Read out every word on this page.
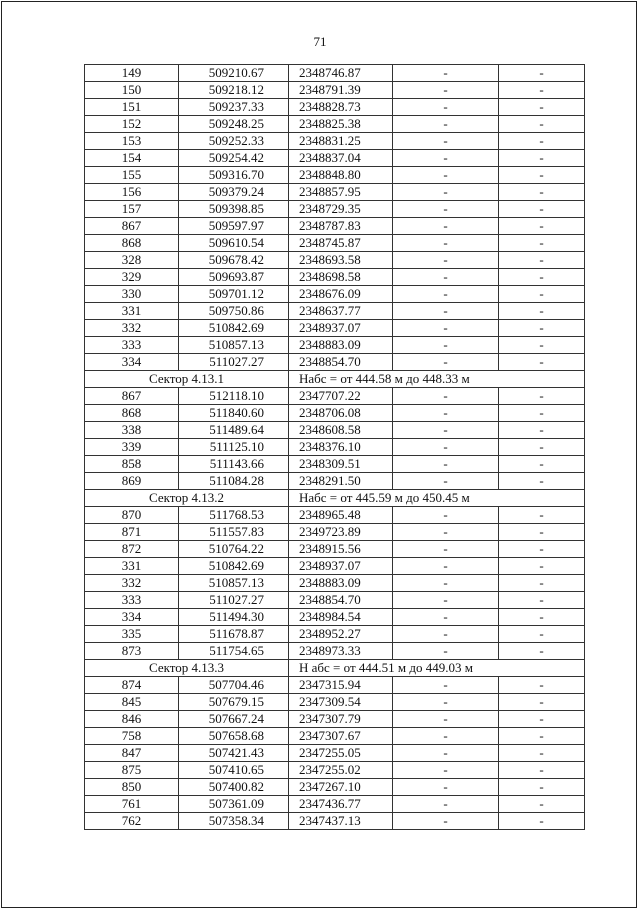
71
149	509210.67	2348746.87	-	-
150	509218.12	2348791.39	-	-
151	509237.33	2348828.73	-	-
152	509248.25	2348825.38	-	-
153	509252.33	2348831.25	-	-
154	509254.42	2348837.04	-	-
155	509316.70	2348848.80	-	-
156	509379.24	2348857.95	-	-
157	509398.85	2348729.35	-	-
867	509597.97	2348787.83	-	-
868	509610.54	2348745.87	-	-
328	509678.42	2348693.58	-	-
329	509693.87	2348698.58	-	-
330	509701.12	2348676.09	-	-
331	509750.86	2348637.77	-	-
332	510842.69	2348937.07	-	-
333	510857.13	2348883.09	-	-
334	511027.27	2348854.70	-	-
Сектор 4.13.1		Набс = от 444.58 м до 448.33 м		
867	512118.10	2347707.22	-	-
868	511840.60	2348706.08	-	-
338	511489.64	2348608.58	-	-
339	511125.10	2348376.10	-	-
858	511143.66	2348309.51	-	-
869	511084.28	2348291.50	-	-
Сектор 4.13.2		Набс = от 445.59 м до 450.45 м		
870	511768.53	2348965.48	-	-
871	511557.83	2349723.89	-	-
872	510764.22	2348915.56	-	-
331	510842.69	2348937.07	-	-
332	510857.13	2348883.09	-	-
333	511027.27	2348854.70	-	-
334	511494.30	2348984.54	-	-
335	511678.87	2348952.27	-	-
873	511754.65	2348973.33	-	-
Сектор 4.13.3		Н абс = от 444.51 м до 449.03 м		
874	507704.46	2347315.94	-	-
845	507679.15	2347309.54	-	-
846	507667.24	2347307.79	-	-
758	507658.68	2347307.67	-	-
847	507421.43	2347255.05	-	-
875	507410.65	2347255.02	-	-
850	507400.82	2347267.10	-	-
761	507361.09	2347436.77	-	-
762	507358.34	2347437.13	-	-
